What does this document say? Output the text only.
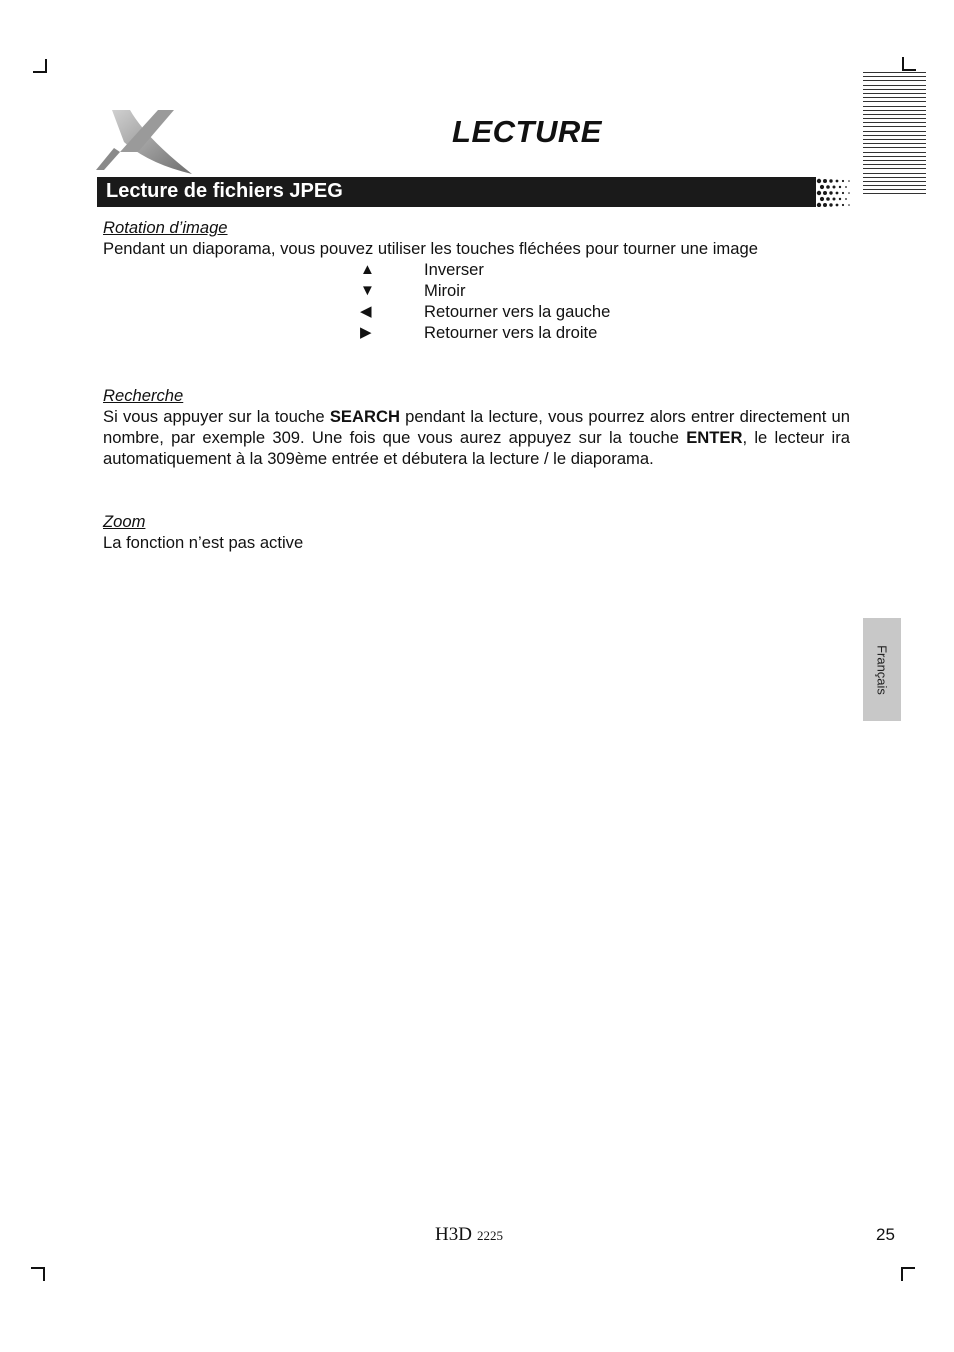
LECTURE
Lecture de fichiers JPEG
Rotation d’image

Pendant un diaporama, vous pouvez utiliser les touches fléchées pour tourner une image

▲	Inverser
▼	Miroir
◀	Retourner vers la gauche
▶	Retourner vers la droite
Recherche

Si vous appuyer sur la touche SEARCH pendant la lecture, vous pourrez alors entrer directement un nombre, par exemple 309. Une fois que vous aurez appuyez sur la touche ENTER, le lecteur ira automatiquement à la 309ème entrée et débutera la lecture / le diaporama.

Zoom

La fonction n’est pas active

Français
H3D 2225	25
